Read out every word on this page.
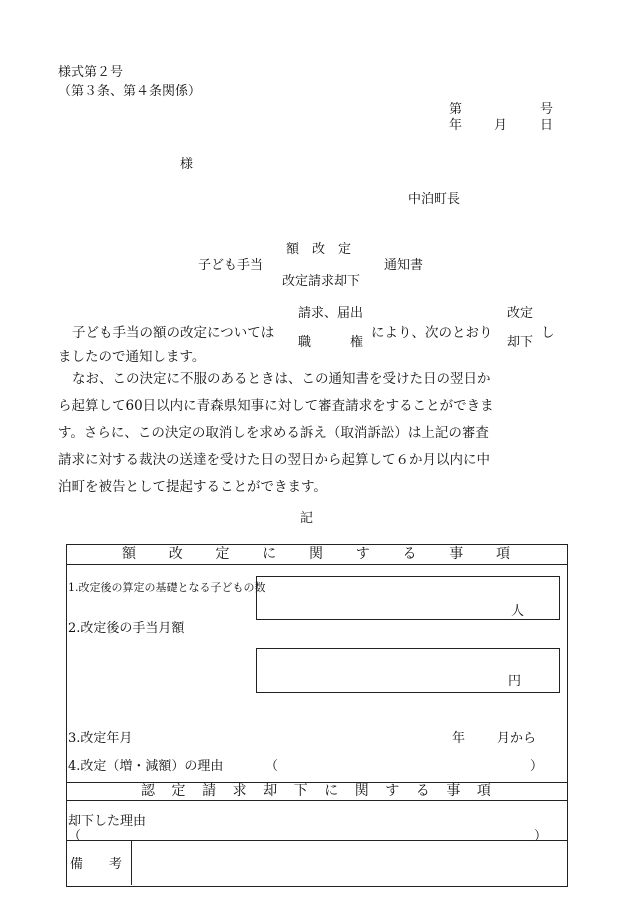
様式第２号
（第３条、第４条関係）
第	号
年 月	日
様
中泊町長
額　改　定
子ども手当	通知書
改定請求却下
請求、届出
職　　　権
改定
却下
子ども手当の額の改定については	により、次のとおり	し
ましたので通知します。
なお、この決定に不服のあるときは、この通知書を受けた日の翌日か
ら起算して60日以内に青森県知事に対して審査請求をすることができま
す。さらに、この決定の取消しを求める訴え（取消訴訟）は上記の審査
請求に対する裁決の送達を受けた日の翌日から起算して６か月以内に中
泊町を被告として提起することができます。
記
額 改 定 に 関 す る 事 項
1.改定後の算定の基礎となる子どもの数
人
2.改定後の手当月額
円
3.改定年月	年 月から
4.改定（増・減額）の理由	（	）
認 定 請 求 却 下 に 関 す る 事 項
却下した理由
（	）
備　　考
